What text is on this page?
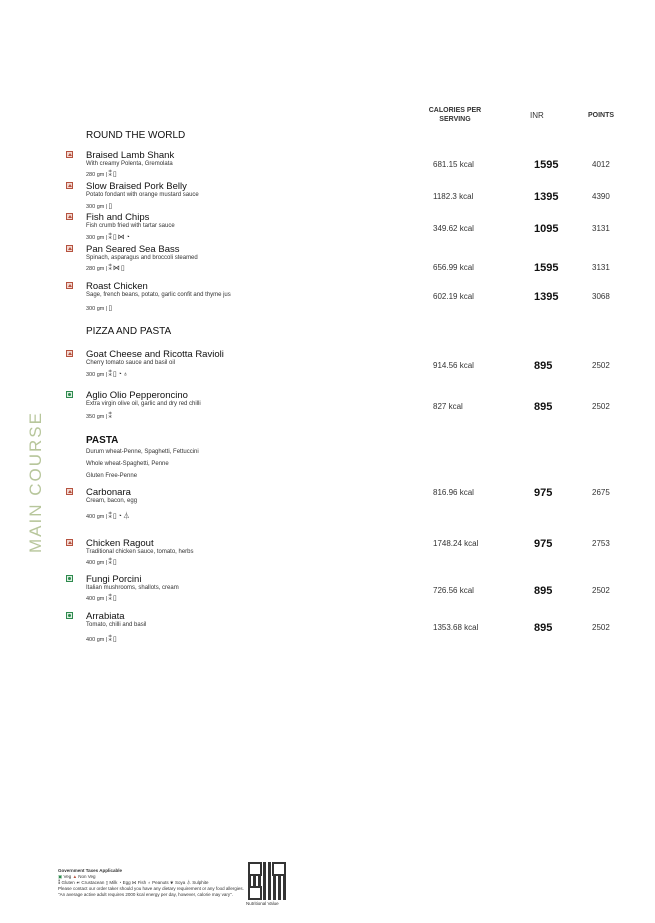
MAIN COURSE
CALORIES PER SERVING	INR	POINTS
ROUND THE WORLD
PIZZA AND PASTA
PASTA
Durum wheat-Penne, Spaghetti, Fettuccini
Whole wheat-Spaghetti, Penne
Gluten Free-Penne
Braised Lamb Shank
With creamy Polenta, Gremolata
280 gm |⁑▯
681.15 kcal	1595	4012
Slow Braised Pork Belly
Potato fondant with orange mustard sauce
300 gm |▯
1182.3 kcal	1395	4390
Fish and Chips
Fish crumb fried with tartar sauce
300 gm |⁑▯⋈◔
349.62 kcal	1095	3131
Pan Seared Sea Bass
Spinach, asparagus and broccoli steamed
280 gm |⁑⋈▯	656.99 kcal	1595	3131
Roast Chicken
Sage, french beans, potato, garlic confit and thyme jus
300 gm |▯
602.19 kcal	1395	3068
Goat Cheese and Ricotta Ravioli
Cherry tomato sauce and basil oil
300 gm |⁑▯◔♁
914.56 kcal	895	2502
Aglio Olio Pepperoncino
Extra virgin olive oil, garlic and dry red chilli
350 gm |⁑
827 kcal	895	2502
Carbonara
Cream, bacon, egg
400 gm |⁑▯◔⏃
816.96 kcal	975	2675
Chicken Ragout
Traditional chicken sauce, tomato, herbs
400 gm |⁑▯
1748.24 kcal	975	2753
Fungi Porcini
Italian mushrooms, shallots, cream
400 gm |⁑▯
726.56 kcal	895	2502
Arrabiata
Tomato, chilli and basil
400 gm |⁑▯
1353.68 kcal	895	2502
Government Taxes Applicable
▣ Veg ▲ Non Veg
⁑ Gluten ☙ Crustacean ▯ Milk ◔ Egg ⋈ Fish ♁ Peanuts ❦ Soya ⏃ Sulphite
Please contact our order taker should you have any dietary requirement or any food allergies.
"An average active adult requires 2000 kcal energy per day, however, calorie may vary".
Nutritional Value
